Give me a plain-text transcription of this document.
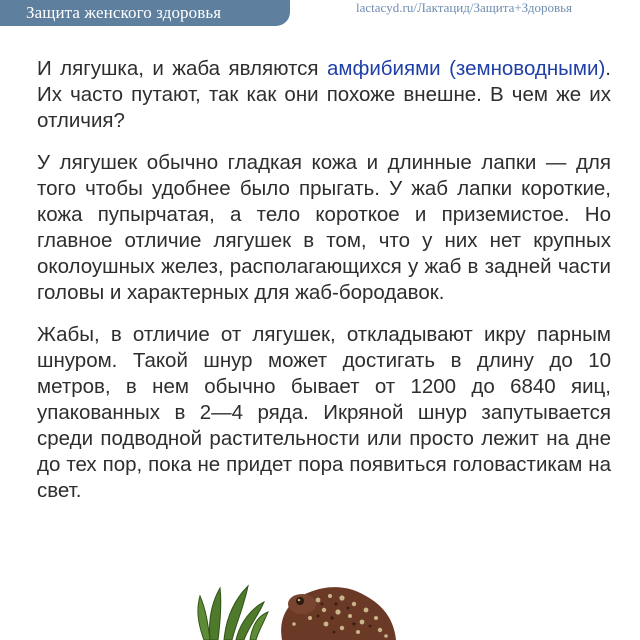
Защита женского здоровья	lactacyd.ru/Лактацид/Защита+Здоровья

И лягушка, и жаба являются амфибиями (земноводными). Их часто путают, так как они похоже внешне. В чем же их отличия?

У лягушек обычно гладкая кожа и длинные лапки — для того чтобы удобнее было прыгать. У жаб лапки короткие, кожа пупырчатая, а тело короткое и приземистое. Но главное отличие лягушек в том, что у них нет крупных околоушных желез, располагающихся у жаб в задней части головы и характерных для жаб-бородавок.

Жабы, в отличие от лягушек, откладывают икру парным шнуром. Такой шнур может достигать в длину до 10 метров, в нем обычно бывает от 1200 до 6840 яиц, упакованных в 2—4 ряда. Икряной шнур запутывается среди подводной растительности или просто лежит на дне до тех пор, пока не придет пора появиться головастикам на свет.
